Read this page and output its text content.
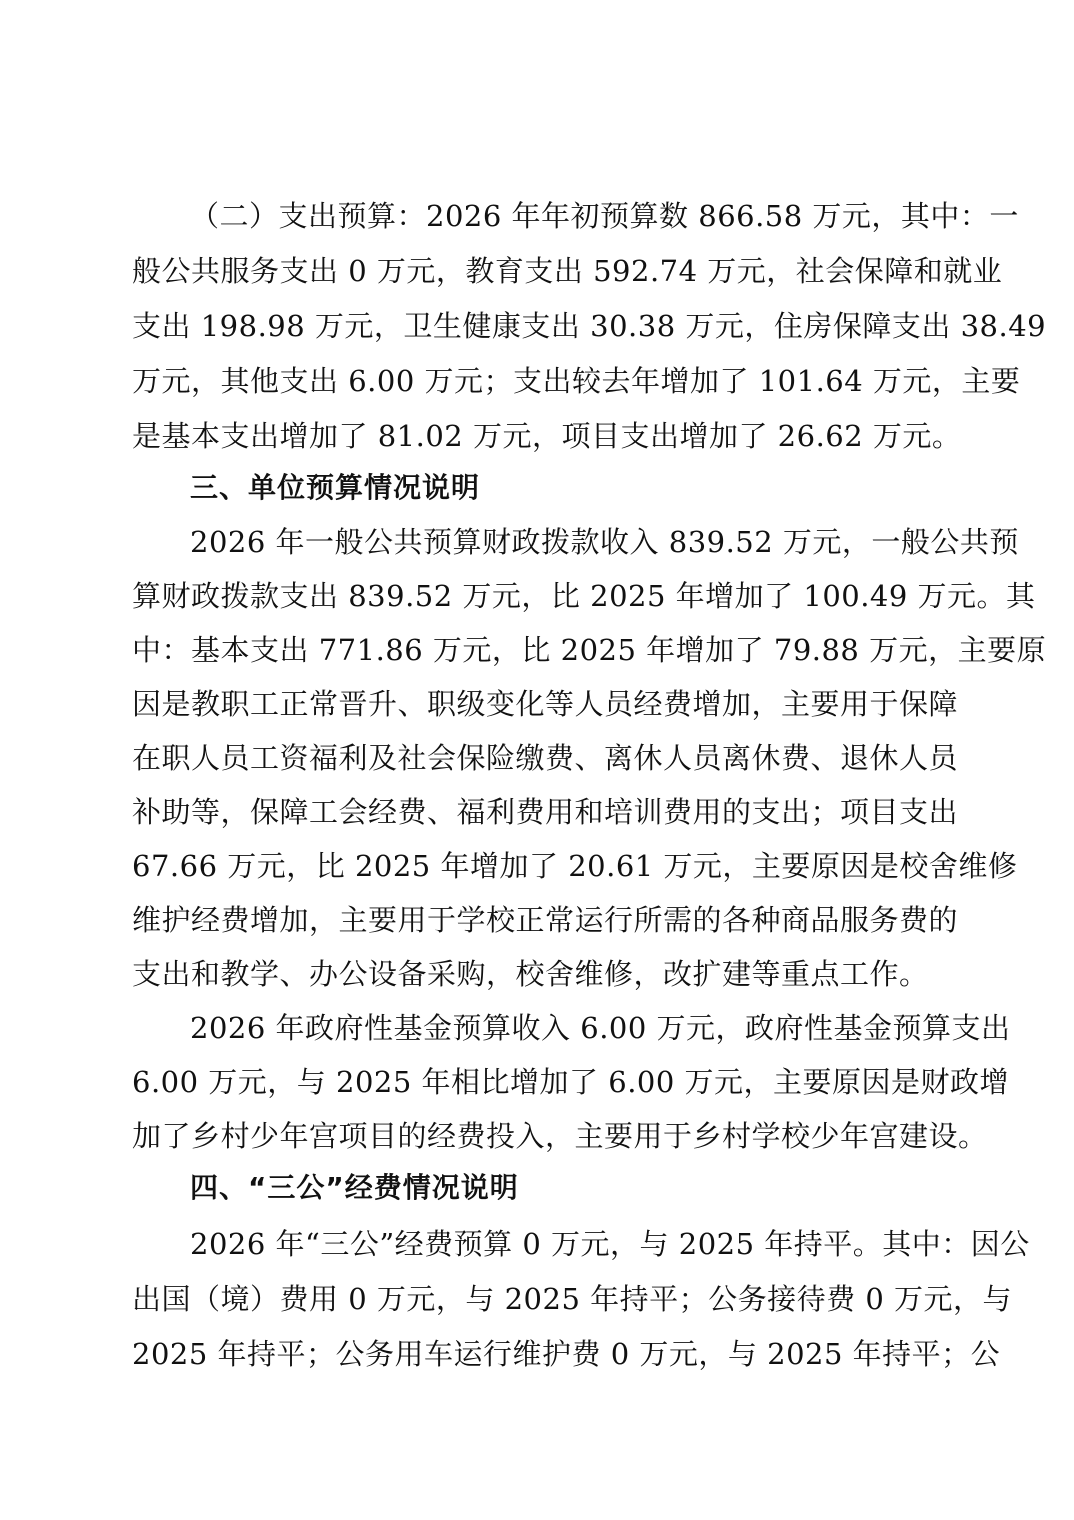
（二）支出预算：2026 年年初预算数 866.58 万元，其中：一
般公共服务支出 0 万元，教育支出 592.74 万元，社会保障和就业
支出 198.98 万元，卫生健康支出 30.38 万元，住房保障支出 38.49
万元，其他支出 6.00 万元；支出较去年增加了 101.64 万元，主要
是基本支出增加了 81.02 万元，项目支出增加了 26.62 万元。
三、单位预算情况说明
2026 年一般公共预算财政拨款收入 839.52 万元，一般公共预
算财政拨款支出 839.52 万元，比 2025 年增加了 100.49 万元。其
中：基本支出 771.86 万元，比 2025 年增加了 79.88 万元，主要原
因是教职工正常晋升、职级变化等人员经费增加，主要用于保障
在职人员工资福利及社会保险缴费、离休人员离休费、退休人员
补助等，保障工会经费、福利费用和培训费用的支出；项目支出
67.66 万元，比 2025 年增加了 20.61 万元，主要原因是校舍维修
维护经费增加，主要用于学校正常运行所需的各种商品服务费的
支出和教学、办公设备采购，校舍维修，改扩建等重点工作。
2026 年政府性基金预算收入 6.00 万元，政府性基金预算支出
6.00 万元，与 2025 年相比增加了 6.00 万元，主要原因是财政增
加了乡村少年宫项目的经费投入，主要用于乡村学校少年宫建设。
四、“三公”经费情况说明
2026 年“三公”经费预算 0 万元，与 2025 年持平。其中：因公
出国（境）费用 0 万元，与 2025 年持平；公务接待费 0 万元，与
2025 年持平；公务用车运行维护费 0 万元，与 2025 年持平；公
